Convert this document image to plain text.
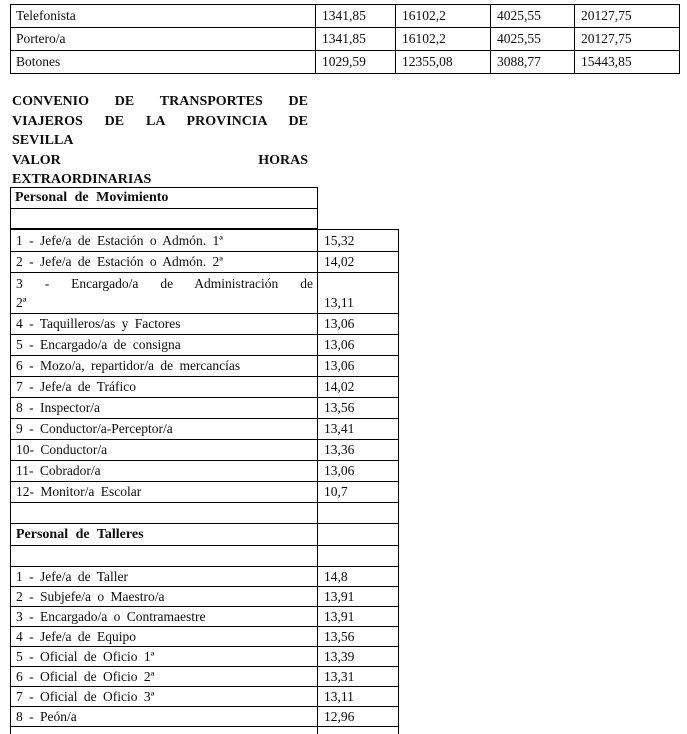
Telefonista	1341,85	16102,2	4025,55	20127,75
Portero/a	1341,85	16102,2	4025,55	20127,75
Botones	1029,59	12355,08	3088,77	15443,85
CONVENIO DE TRANSPORTES DE
VIAJEROS DE LA PROVINCIA DE
SEVILLA
VALOR HORAS
EXTRAORDINARIAS
Personal de Movimiento

1 - Jefe/a de Estación o Admón. 1ª	15,32
2 - Jefe/a de Estación o Admón. 2ª	14,02

3 - Encargado/a de Administración de
2ª	13,11
4 - Taquilleros/as y Factores	13,06
5 - Encargado/a de consigna	13,06
6 - Mozo/a, repartidor/a de mercancías	13,06
7 - Jefe/a de Tráfico	14,02
8 - Inspector/a	13,56
9 - Conductor/a-Perceptor/a	13,41
10- Conductor/a	13,36
11- Cobrador/a	13,06
12- Monitor/a Escolar	10,7

Personal de Talleres	

1 - Jefe/a de Taller	14,8
2 - Subjefe/a o Maestro/a	13,91
3 - Encargado/a o Contramaestre	13,91
4 - Jefe/a de Equipo	13,56
5 - Oficial de Oficio 1ª	13,39
6 - Oficial de Oficio 2ª	13,31
7 - Oficial de Oficio 3ª	13,11
8 - Peón/a	12,96
